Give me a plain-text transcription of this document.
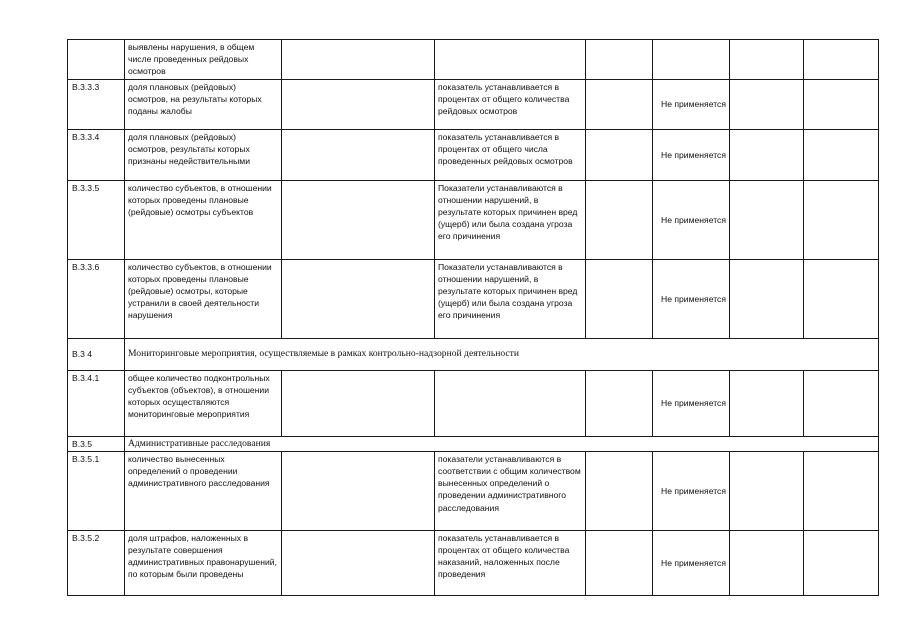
	выявлены нарушения, в общем числе проведенных рейдовых осмотров						
В.3.3.3	доля плановых (рейдовых) осмотров, на результаты которых поданы жалобы		показатель устанавливается в процентах от общего количества рейдовых осмотров		Не применяется		

В.3.3.4	доля плановых (рейдовых) осмотров, результаты которых признаны недействительными		показатель устанавливается в процентах от общего числа проведенных рейдовых осмотров		Не применяется		

В.3.3.5	количество субъектов, в отношении которых проведены плановые (рейдовые) осмотры субъектов		Показатели устанавливаются в отношении нарушений, в результате которых причинен вред (ущерб) или была создана угроза его причинения		Не применяется		

В.3.3.6	количество субъектов, в отношении которых проведены плановые (рейдовые) осмотры, которые устранили в своей деятельности нарушения		Показатели устанавливаются в отношении нарушений, в результате которых причинен вред (ущерб) или была создана угроза его причинения		Не применяется		

В.3 4	Мониторинговые мероприятия, осуществляемые в рамках контрольно-надзорной деятельности						
В.3.4.1	общее количество подконтрольных субъектов (объектов), в отношении которых осуществляются мониторинговые мероприятия				Не применяется		

В.3.5	Административные расследования						
В.3.5.1	количество вынесенных определений о проведении административного расследования		показатели устанавливаются в соответствии с общим количеством вынесенных определений о проведении административного расследования		Не применяется		

В.3.5.2	доля штрафов, наложенных в результате совершения административных правонарушений, по которым были проведены		показатель устанавливается в процентах от общего количества наказаний, наложенных после проведения		Не применяется		
